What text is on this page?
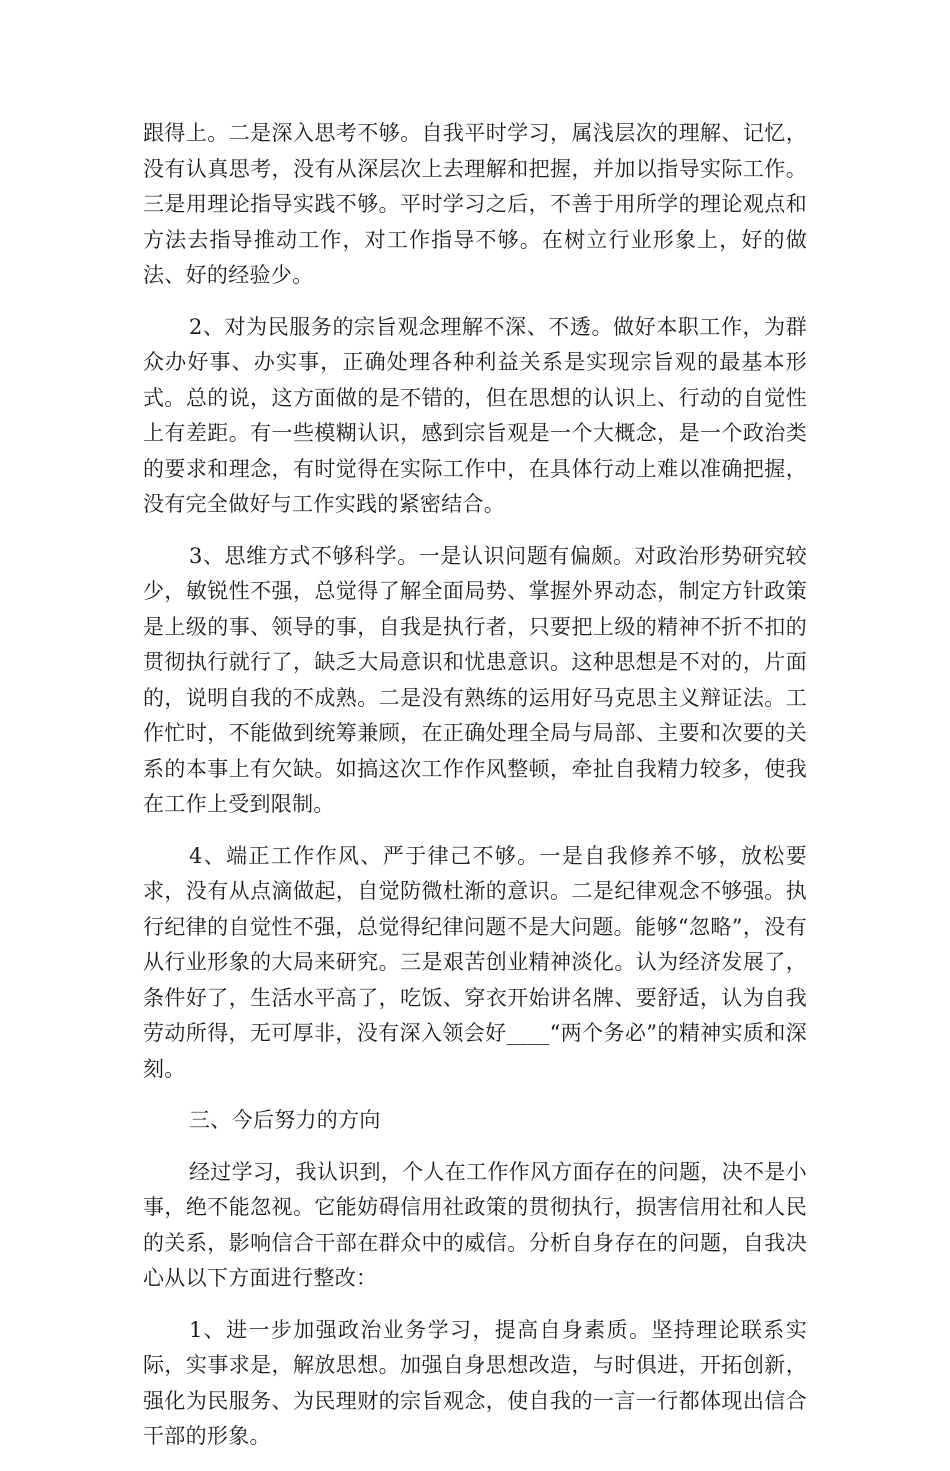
跟得上。二是深入思考不够。自我平时学习，属浅层次的理解、记忆，没有认真思考，没有从深层次上去理解和把握，并加以指导实际工作。三是用理论指导实践不够。平时学习之后，不善于用所学的理论观点和方法去指导推动工作，对工作指导不够。在树立行业形象上，好的做法、好的经验少。

2、对为民服务的宗旨观念理解不深、不透。做好本职工作，为群众办好事、办实事，正确处理各种利益关系是实现宗旨观的最基本形式。总的说，这方面做的是不错的，但在思想的认识上、行动的自觉性上有差距。有一些模糊认识，感到宗旨观是一个大概念，是一个政治类的要求和理念，有时觉得在实际工作中，在具体行动上难以准确把握，没有完全做好与工作实践的紧密结合。

3、思维方式不够科学。一是认识问题有偏颇。对政治形势研究较少，敏锐性不强，总觉得了解全面局势、掌握外界动态，制定方针政策是上级的事、领导的事，自我是执行者，只要把上级的精神不折不扣的贯彻执行就行了，缺乏大局意识和忧患意识。这种思想是不对的，片面的，说明自我的不成熟。二是没有熟练的运用好马克思主义辩证法。工作忙时，不能做到统筹兼顾，在正确处理全局与局部、主要和次要的关系的本事上有欠缺。如搞这次工作作风整顿，牵扯自我精力较多，使我在工作上受到限制。

4、端正工作作风、严于律己不够。一是自我修养不够，放松要求，没有从点滴做起，自觉防微杜渐的意识。二是纪律观念不够强。执行纪律的自觉性不强，总觉得纪律问题不是大问题。能够“忽略”，没有从行业形象的大局来研究。三是艰苦创业精神淡化。认为经济发展了，条件好了，生活水平高了，吃饭、穿衣开始讲名牌、要舒适，认为自我劳动所得，无可厚非，没有深入领会好____“两个务必”的精神实质和深刻。

三、今后努力的方向

经过学习，我认识到，个人在工作作风方面存在的问题，决不是小事，绝不能忽视。它能妨碍信用社政策的贯彻执行，损害信用社和人民的关系，影响信合干部在群众中的威信。分析自身存在的问题，自我决心从以下方面进行整改：

1、进一步加强政治业务学习，提高自身素质。坚持理论联系实际，实事求是，解放思想。加强自身思想改造，与时俱进，开拓创新，强化为民服务、为民理财的宗旨观念，使自我的一言一行都体现出信合干部的形象。
